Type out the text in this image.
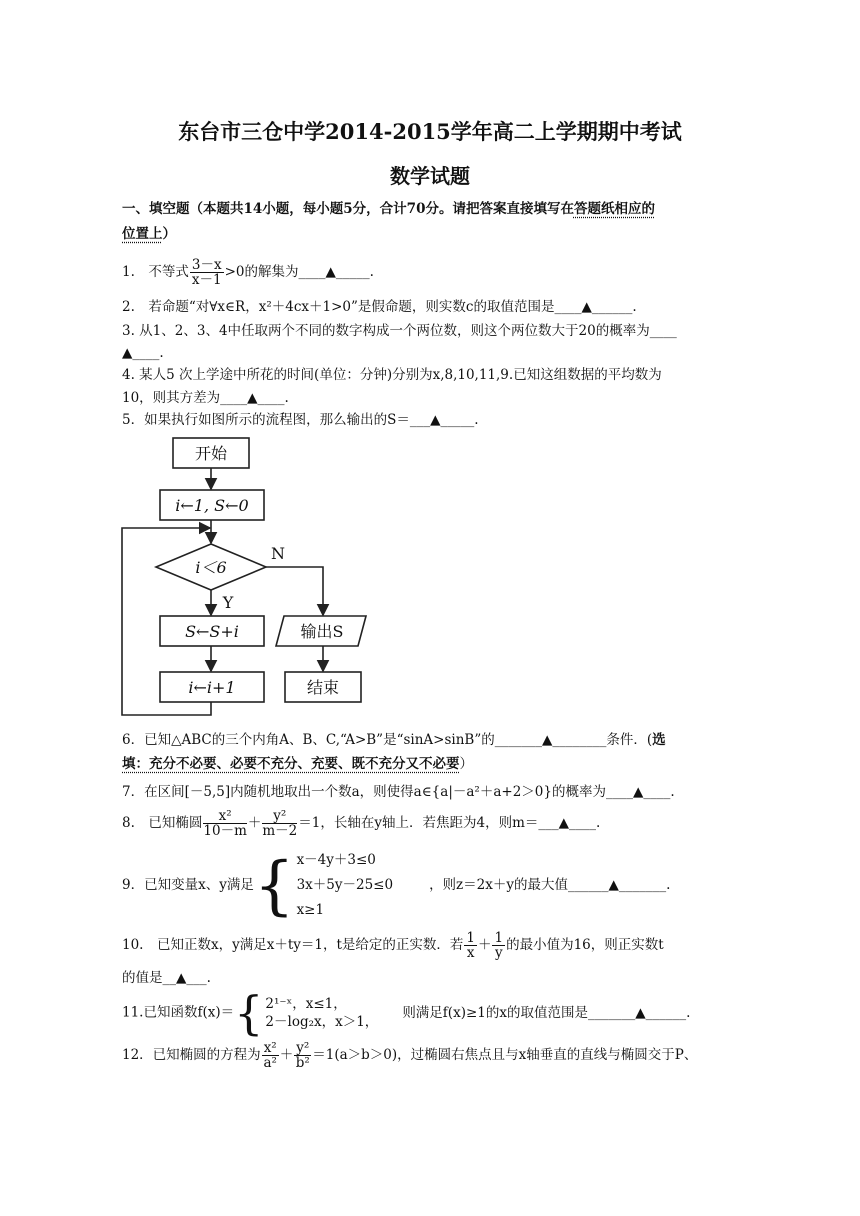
东台市三仓中学2014-2015学年高二上学期期中考试
数学试题
一、填空题（本题共14小题，每小题5分，合计70分。请把答案直接填写在答题纸相应的
位置上）
1.　不等式 $\frac{3-x}{x-1} >0$的解集为____▲_____.
2.　若命题“对∀x∈R，x²＋4cx＋1>0”是假命题，则实数c的取值范围是____▲______.
3. 从1、2、3、4中任取两个不同的数字构成一个两位数，则这个两位数大于20的概率为____
▲____.
4. 某人5 次上学途中所花的时间(单位：分钟)分别为x,8,10,11,9.已知这组数据的平均数为
10，则其方差为____▲____.
5．如果执行如图所示的流程图，那么输出的S＝___▲_____.
开始
i←1, S←0
i＜6
N
Y
S←S+i	输出S
i←i+1	结束
6．已知△ABC的三个内角A、B、C,“A>B”是“sinA>sinB”的_______▲________条件．(选
填：充分不必要、必要不充分、充要、既不充分又不必要）
7．在区间[－5,5]内随机地取出一个数a，则使得a∈{a|－a²＋a+2＞0}的概率为____▲____.
8.　已知椭圆 $\frac{\text{x²}}{10-m} + \frac{\text{y²}}{m-2} =1$，长轴在y轴上．若焦距为4，则m＝___▲____.
9．已知变量x、y满足{ x－4y＋3≤0
3x＋5y－25≤0
x≥1
，则z＝2x＋y的最大值______▲_______.
10.　已知正数x，y满足x＋ty＝1，t是给定的正实数．若 $\frac{1}{x} + \frac{1}{y}$ 的最小值为16，则正实数t
的值是__▲___.
11.已知函数f(x)＝{ 2¹⁻ˣ，x≤1，
2－log₂x，x＞1，
则满足f(x)≥1的x的取值范围是_______▲______.
12．已知椭圆的方程为 $\frac{\text{x²}}{\text{a²}} + \frac{\text{y²}}{\text{b²}} =1(a>b>0)$，过椭圆右焦点且与x轴垂直的直线与椭圆交于P、
